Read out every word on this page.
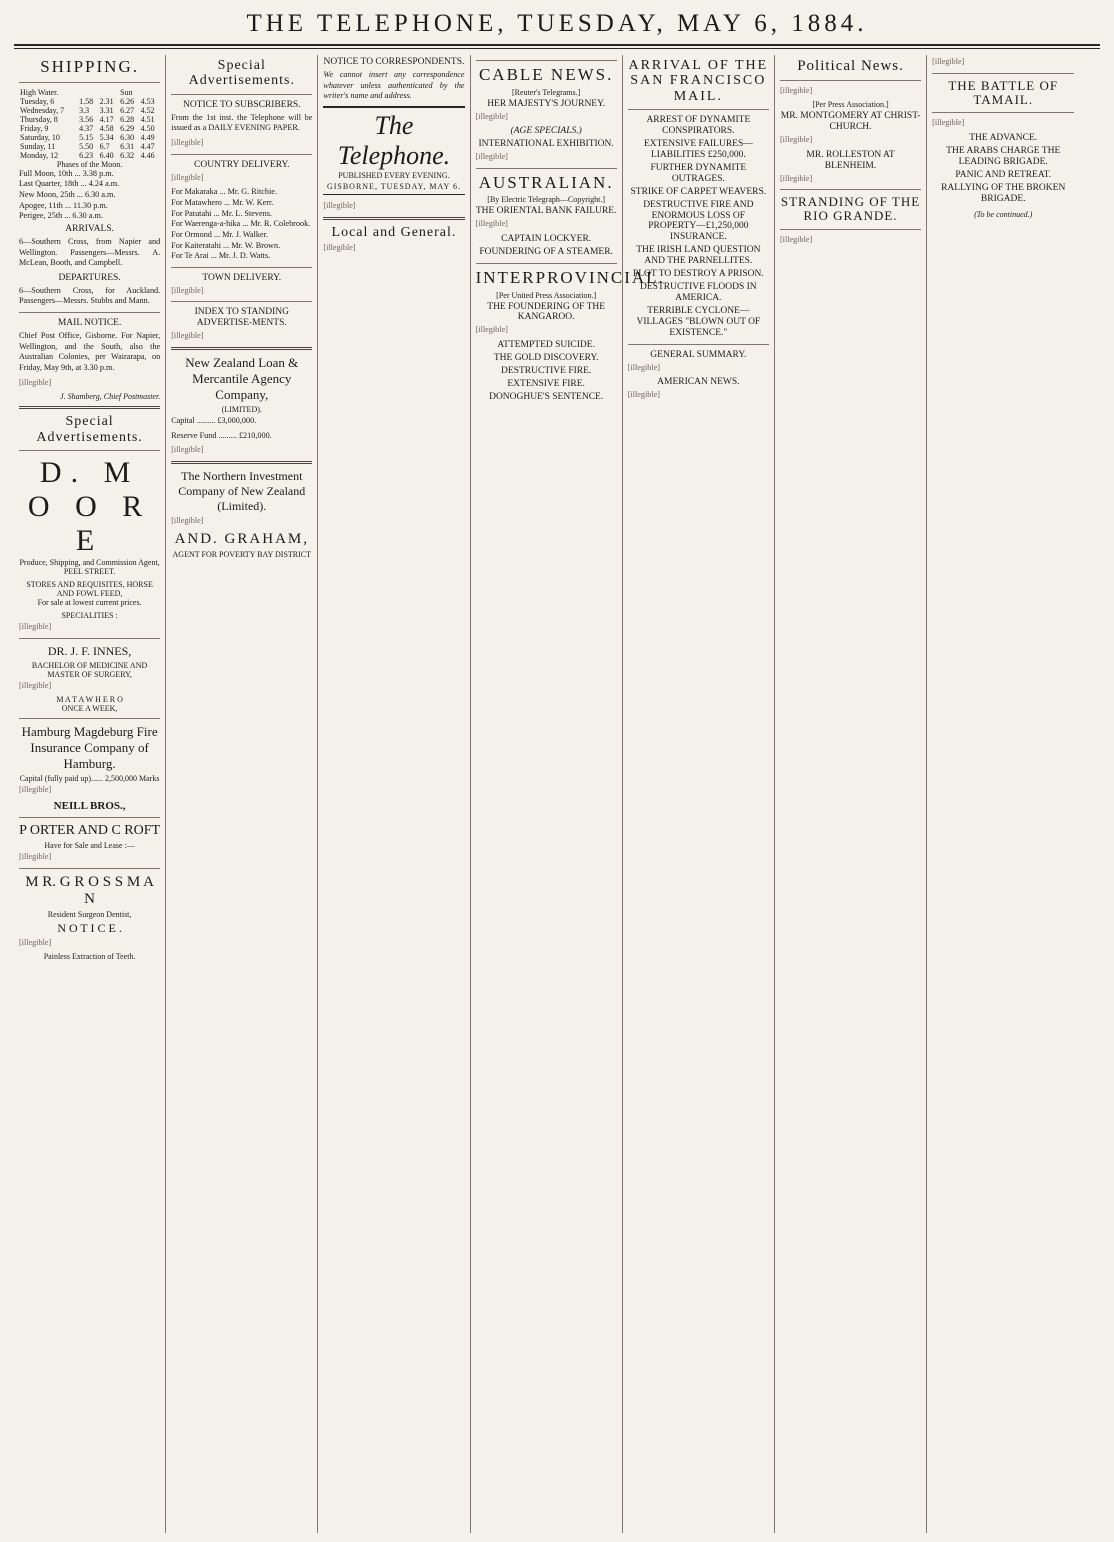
THE TELEPHONE, TUESDAY, MAY 6, 1884.
SHIPPING.
High Water.			Sun	
Tuesday, 6	1.58	2.31	6.26	4.53
Wednesday, 7	3.3	3.31	6.27	4.52
Thursday, 8	3.56	4.17	6.28	4.51
Friday, 9	4.37	4.58	6.29	4.50
Saturday, 10	5.15	5.34	6.30	4.49
Sunday, 11	5.50	6.7	6.31	4.47
Monday, 12	6.23	6.40	6.32	4.46
Phases of the Moon.
Full Moon, 10th ... 3.38 p.m.
Last Quarter, 18th ... 4.24 a.m.
New Moon, 25th ... 6.30 a.m.
Apogee, 11th ... 11.30 p.m.
Perigee, 25th ... 6.30 a.m.
ARRIVALS.
6—Southern Cross, from Napier and Wellington. Passengers—Messrs. A. McLean, Booth, and Campbell.
DEPARTURES.
6—Southern Cross, for Auckland. Passengers—Messrs. Stubbs and Mann.
MAIL NOTICE.
Chief Post Office, Gisborne. For Napier, Wellington, and the South, also the Australian Colonies, per Wairarapa, on Friday, May 9th, at 3.30 p.m.
[illegible]
J. Shamberg, Chief Postmaster.
Special Advertisements.
D. M O O R E
Produce, Shipping, and Commission Agent, PEEL STREET.
STORES AND REQUISITES, HORSE AND FOWL FEED,
For sale at lowest current prices.
SPECIALITIES :
[illegible]
DR. J. F. INNES,
BACHELOR OF MEDICINE AND MASTER OF SURGERY,
[illegible]
M A T A W H E R O
ONCE A WEEK,
Hamburg Magdeburg Fire Insurance Company of Hamburg.
Capital (fully paid up)...... 2,500,000 Marks
[illegible]
NEILL BROS.,
P ORTER AND C ROFT
Have for Sale and Lease :—
[illegible]
M R. G R O S S M A N
Resident Surgeon Dentist,
N O T I C E .
[illegible]
Painless Extraction of Teeth.
Special Advertisements.
NOTICE TO SUBSCRIBERS.
From the 1st inst. the Telephone will be issued as a DAILY EVENING PAPER.
[illegible]
COUNTRY DELIVERY.
[illegible]
For Makaraka ... Mr. G. Ritchie.
For Matawhero ... Mr. W. Kerr.
For Patutahi ... Mr. L. Stevens.
For Waerenga-a-hika ... Mr. R. Colebrook.
For Ormond ... Mr. J. Walker.
For Kaiteratahi ... Mr. W. Brown.
For Te Arai ... Mr. J. D. Watts.
TOWN DELIVERY.
[illegible]
INDEX TO STANDING ADVERTISE-MENTS.
[illegible]
New Zealand Loan & Mercantile Agency Company,
(LIMITED).
Capital ......... £3,000,000.
Reserve Fund ......... £210,000.
[illegible]
The Northern Investment Company of New Zealand (Limited).
[illegible]
AND. GRAHAM,
AGENT FOR POVERTY BAY DISTRICT
NOTICE TO CORRESPONDENTS.
We cannot insert any correspondence whatever unless authenticated by the writer's name and address.
The Telephone.
PUBLISHED EVERY EVENING.
GISBORNE, TUESDAY, MAY 6.
[illegible]
Local and General.
[illegible]
CABLE NEWS.
[Reuter's Telegrams.]
HER MAJESTY'S JOURNEY.
[illegible]
(AGE SPECIALS.)
INTERNATIONAL EXHIBITION.
[illegible]
AUSTRALIAN.
[By Electric Telegraph—Copyright.]
THE ORIENTAL BANK FAILURE.
[illegible]
CAPTAIN LOCKYER.
FOUNDERING OF A STEAMER.
INTERPROVINCIAL.
[Per United Press Association.]
THE FOUNDERING OF THE KANGAROO.
[illegible]
ATTEMPTED SUICIDE.
THE GOLD DISCOVERY.
DESTRUCTIVE FIRE.
EXTENSIVE FIRE.
DONOGHUE'S SENTENCE.
ARRIVAL OF THE SAN FRANCISCO MAIL.
ARREST OF DYNAMITE CONSPIRATORS.
EXTENSIVE FAILURES—LIABILITIES £250,000.
FURTHER DYNAMITE OUTRAGES.
STRIKE OF CARPET WEAVERS.
DESTRUCTIVE FIRE AND ENORMOUS LOSS OF PROPERTY—£1,250,000 INSURANCE.
THE IRISH LAND QUESTION AND THE PARNELLITES.
PLOT TO DESTROY A PRISON.
DESTRUCTIVE FLOODS IN AMERICA.
TERRIBLE CYCLONE—VILLAGES "BLOWN OUT OF EXISTENCE."
GENERAL SUMMARY.
[illegible]
AMERICAN NEWS.
[illegible]
Political News.
[illegible]
[Per Press Association.]
MR. MONTGOMERY AT CHRIST-CHURCH.
[illegible]
MR. ROLLESTON AT BLENHEIM.
[illegible]
STRANDING OF THE RIO GRANDE.
[illegible]
[illegible]
THE BATTLE OF TAMAIL.
[illegible]
THE ADVANCE.
THE ARABS CHARGE THE LEADING BRIGADE.
PANIC AND RETREAT.
RALLYING OF THE BROKEN BRIGADE.
(To be continued.)
